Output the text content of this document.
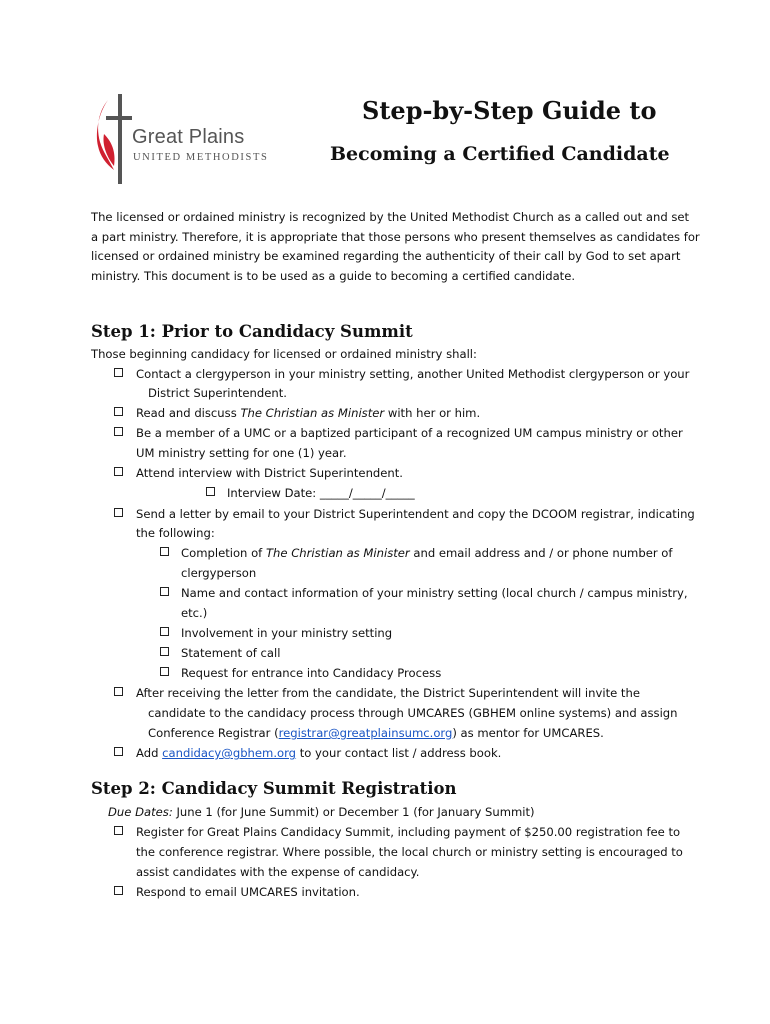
Great Plains
UNITED METHODISTS
Step-by-Step Guide to
Becoming a Certified Candidate

The licensed or ordained ministry is recognized by the United Methodist Church as a called out and set

a part ministry. Therefore, it is appropriate that those persons who present themselves as candidates for

licensed or ordained ministry be examined regarding the authenticity of their call by God to set apart

ministry. This document is to be used as a guide to becoming a certified candidate.

Step 1: Prior to Candidacy Summit
Those beginning candidacy for licensed or ordained ministry shall:
Contact a clergyperson in your ministry setting, another United Methodist clergyperson or your
District Superintendent.
Read and discuss The Christian as Minister with her or him.
Be a member of a UMC or a baptized participant of a recognized UM campus ministry or other
UM ministry setting for one (1) year.
Attend interview with District Superintendent.
Interview Date: _____/_____/_____
Send a letter by email to your District Superintendent and copy the DCOOM registrar, indicating
the following:
Completion of The Christian as Minister and email address and / or phone number of
clergyperson
Name and contact information of your ministry setting (local church / campus ministry,
etc.)
Involvement in your ministry setting
Statement of call
Request for entrance into Candidacy Process
After receiving the letter from the candidate, the District Superintendent will invite the
candidate to the candidacy process through UMCARES (GBHEM online systems) and assign
Conference Registrar (registrar@greatplainsumc.org) as mentor for UMCARES.
Add candidacy@gbhem.org to your contact list / address book.
Step 2: Candidacy Summit Registration
Due Dates: June 1 (for June Summit) or December 1 (for January Summit)
Register for Great Plains Candidacy Summit, including payment of $250.00 registration fee to
the conference registrar. Where possible, the local church or ministry setting is encouraged to
assist candidates with the expense of candidacy.
Respond to email UMCARES invitation.
